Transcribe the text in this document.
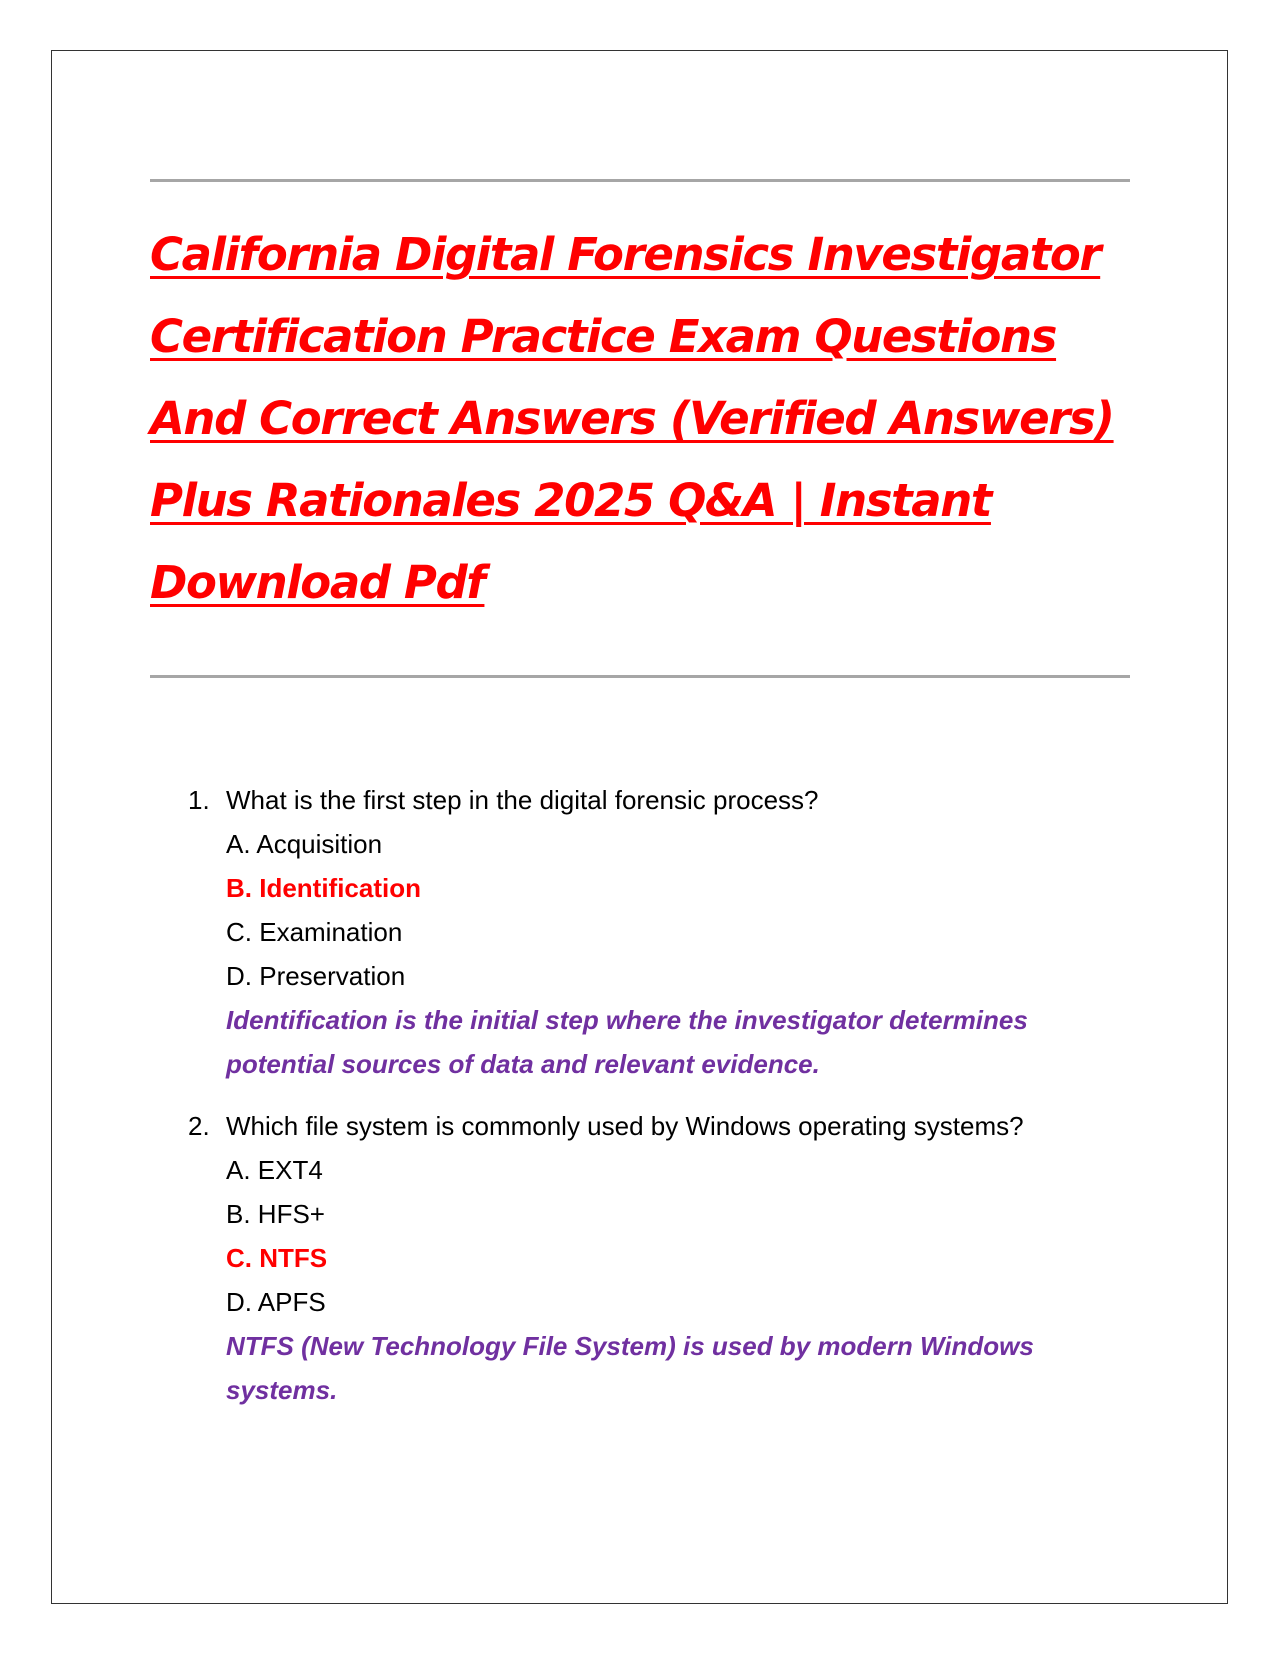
California Digital Forensics Investigator Certification Practice Exam Questions And Correct Answers (Verified Answers) Plus Rationales 2025 Q&A | Instant Download Pdf
1. What is the first step in the digital forensic process?
A. Acquisition
B. Identification
C. Examination
D. Preservation
Identification is the initial step where the investigator determines potential sources of data and relevant evidence.
2. Which file system is commonly used by Windows operating systems?
A. EXT4
B. HFS+
C. NTFS
D. APFS
NTFS (New Technology File System) is used by modern Windows systems.
